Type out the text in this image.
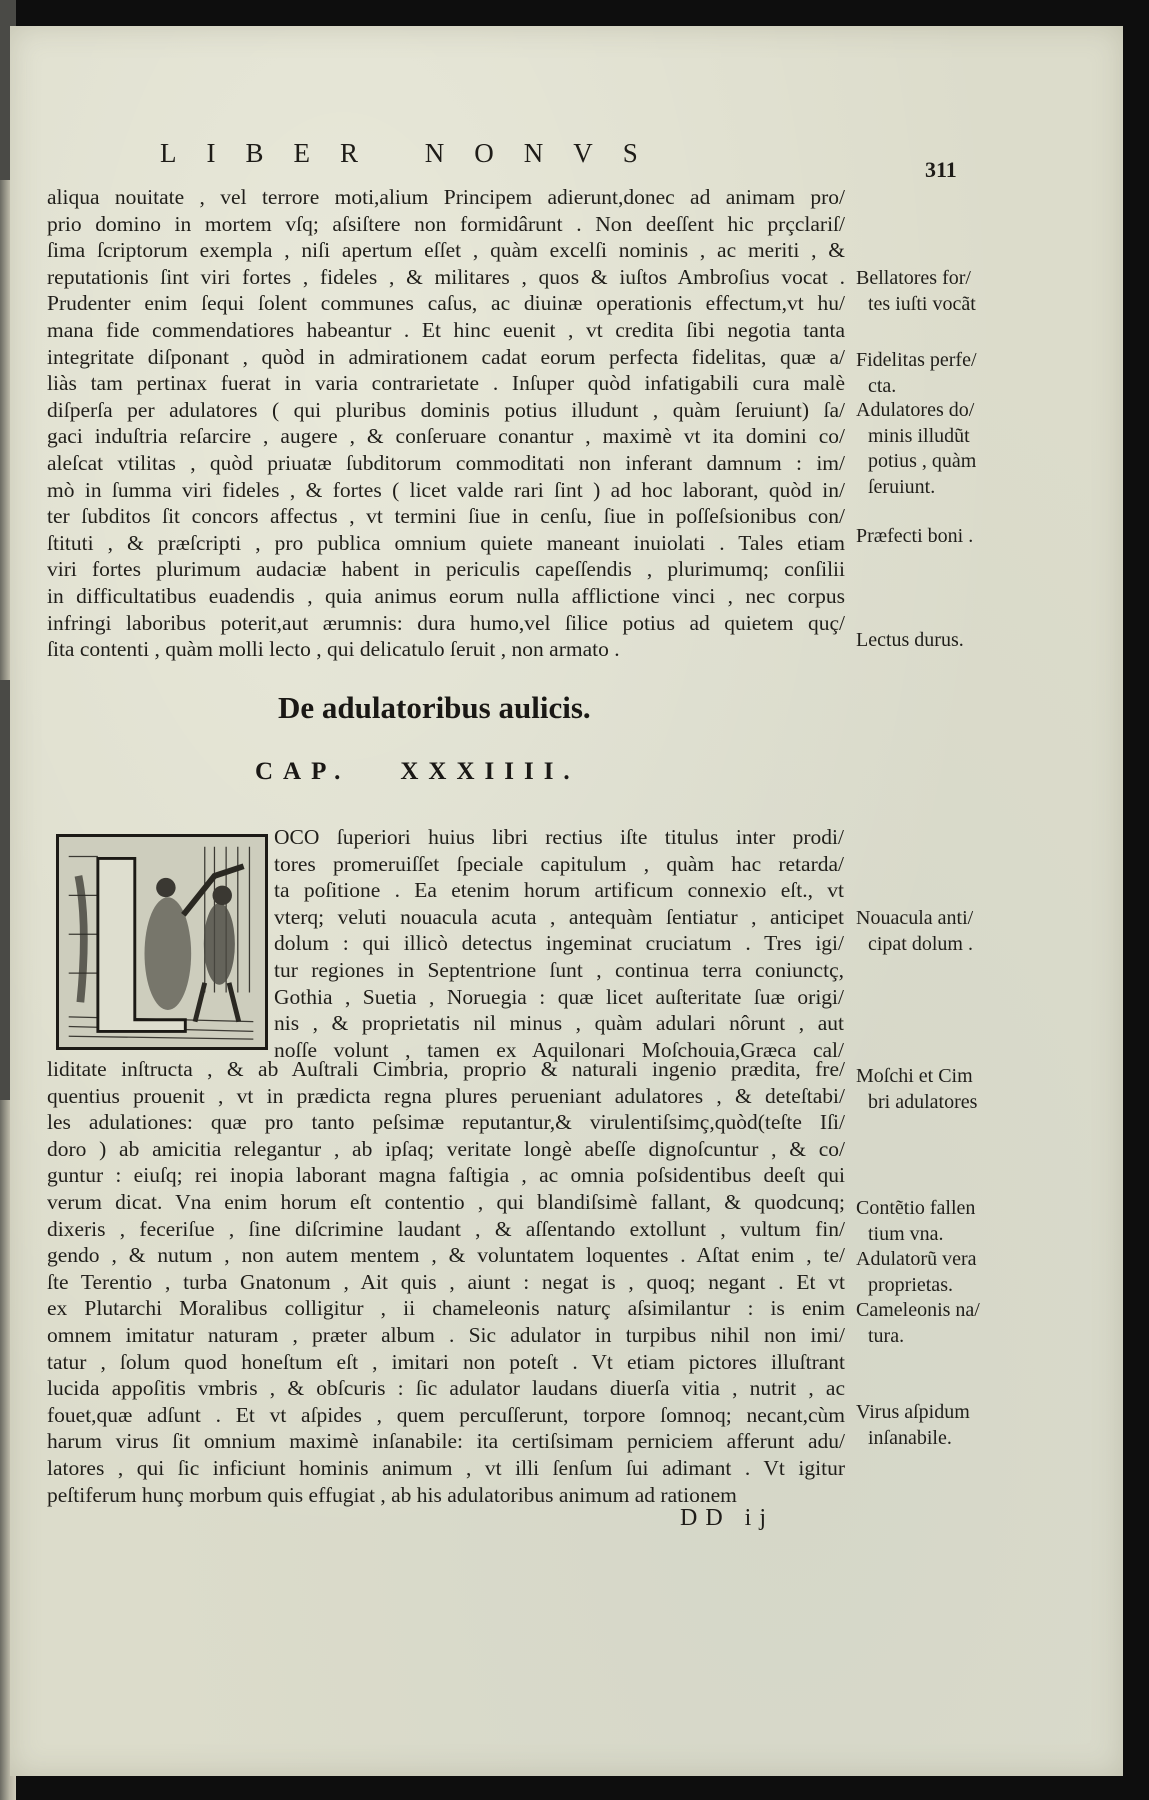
LIBER NONVS
311
aliqua nouitate , vel terrore moti,alium Principem adierunt,donec ad animam pro/
prio domino in mortem vſq; aſsiſtere non formidârunt . Non deeſſent hic prçclariſ/
ſima ſcriptorum exempla , niſi apertum eſſet , quàm excelſi nominis , ac meriti , &
reputationis ſint viri fortes , fideles , & militares , quos & iuſtos Ambroſius vocat .
Prudenter enim ſequi ſolent communes caſus, ac diuinæ operationis effectum,vt hu/
mana fide commendatiores habeantur . Et hinc euenit , vt credita ſibi negotia tanta
integritate diſponant , quòd in admirationem cadat eorum perfecta fidelitas, quæ a/
liàs tam pertinax fuerat in varia contrarietate . Inſuper quòd infatigabili cura malè
diſperſa per adulatores ( qui pluribus dominis potius illudunt , quàm ſeruiunt) ſa/
gaci induſtria reſarcire , augere , & conſeruare conantur , maximè vt ita domini co/
aleſcat vtilitas , quòd priuatæ ſubditorum commoditati non inferant damnum : im/
mò in ſumma viri fideles , & fortes ( licet valde rari ſint ) ad hoc laborant, quòd in/
ter ſubditos ſit concors affectus , vt termini ſiue in cenſu, ſiue in poſſeſsionibus con/
ſtituti , & præſcripti , pro publica omnium quiete maneant inuiolati . Tales etiam
viri fortes plurimum audaciæ habent in periculis capeſſendis , plurimumq; conſilii
in difficultatibus euadendis , quia animus eorum nulla afflictione vinci , nec corpus
infringi laboribus poterit,aut ærumnis: dura humo,vel ſilice potius ad quietem quç/
ſita contenti , quàm molli lecto , qui delicatulo ſeruit , non armato .
De adulatoribus aulicis.
CAP. XXXIIII.
OCO ſuperiori huius libri rectius iſte titulus inter prodi/
tores promeruiſſet ſpeciale capitulum , quàm hac retarda/
ta poſitione . Ea etenim horum artificum connexio eſt., vt
vterq; veluti nouacula acuta , antequàm ſentiatur , anticipet
dolum : qui illicò detectus ingeminat cruciatum . Tres igi/
tur regiones in Septentrione ſunt , continua terra coniunctç,
Gothia , Suetia , Noruegia : quæ licet auſteritate ſuæ origi/
nis , & proprietatis nil minus , quàm adulari nôrunt , aut
noſſe volunt , tamen ex Aquilonari Moſchouia,Græca cal/
liditate inſtructa , & ab Auſtrali Cimbria, proprio & naturali ingenio prædita, fre/
quentius prouenit , vt in prædicta regna plures perueniant adulatores , & deteſtabi/
les adulationes: quæ pro tanto peſsimæ reputantur,& virulentiſsimç,quòd(teſte Iſi/
doro ) ab amicitia relegantur , ab ipſaq; veritate longè abeſſe dignoſcuntur , & co/
guntur : eiuſq; rei inopia laborant magna faſtigia , ac omnia poſsidentibus deeſt qui
verum dicat. Vna enim horum eſt contentio , qui blandiſsimè fallant, & quodcunq;
dixeris , feceriſue , ſine diſcrimine laudant , & aſſentando extollunt , vultum fin/
gendo , & nutum , non autem mentem , & voluntatem loquentes . Aſtat enim , te/
ſte Terentio , turba Gnatonum , Ait quis , aiunt : negat is , quoq; negant . Et vt
ex Plutarchi Moralibus colligitur , ii chameleonis naturç aſsimilantur : is enim
omnem imitatur naturam , præter album . Sic adulator in turpibus nihil non imi/
tatur , ſolum quod honeſtum eſt , imitari non poteſt . Vt etiam pictores illuſtrant
lucida appoſitis vmbris , & obſcuris : ſic adulator laudans diuerſa vitia , nutrit , ac
fouet,quæ adſunt . Et vt aſpides , quem percuſſerunt, torpore ſomnoq; necant,cùm
harum virus ſit omnium maximè inſanabile: ita certiſsimam perniciem afferunt adu/
latores , qui ſic inficiunt hominis animum , vt illi ſenſum ſui adimant . Vt igitur
peſtiferum hunç morbum quis effugiat , ab his adulatoribus animum ad rationem
Bellatores for/
tes iuſti vocãt
Fidelitas perfe/
cta.
Adulatores do/
minis illudũt
potius , quàm
ſeruiunt.
Præfecti boni .
Lectus durus.
Nouacula anti/
cipat dolum .
Moſchi et Cim
bri adulatores
Contẽtio fallen
tium vna.
Adulatorũ vera
proprietas.
Cameleonis na/
tura.
Virus aſpidum
inſanabile.
DD ij
